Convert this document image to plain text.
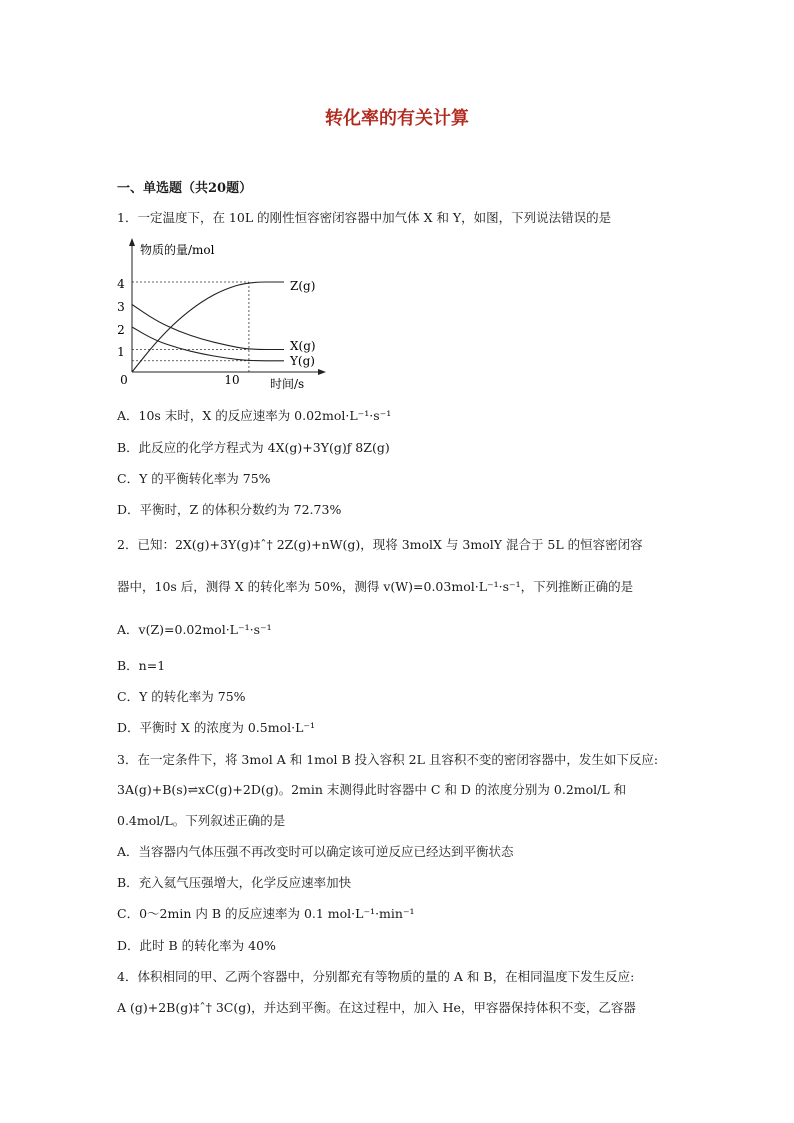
转化率的有关计算
一、单选题（共20题）
1．一定温度下，在 10L 的刚性恒容密闭容器中加气体 X 和 Y，如图，下列说法错误的是
物质的量/mol
时间/s
4
3
2
1
0	10
Z(g)
X(g)
Y(g)
A．10s 末时，X 的反应速率为 0.02mol·L⁻¹·s⁻¹
B．此反应的化学方程式为 4X(g)+3Y(g)ƒ 8Z(g)
C．Y 的平衡转化率为 75%
D．平衡时，Z 的体积分数约为 72.73%
2．已知：2X(g)+3Y(g)‡ˆ† 2Z(g)+nW(g)，现将 3molX 与 3molY 混合于 5L 的恒容密闭容
器中，10s 后，测得 X 的转化率为 50%，测得 v(W)=0.03mol·L⁻¹·s⁻¹，下列推断正确的是
A．v(Z)=0.02mol·L⁻¹·s⁻¹
B．n=1
C．Y 的转化率为 75%
D．平衡时 X 的浓度为 0.5mol·L⁻¹
3．在一定条件下，将 3mol A 和 1mol B 投入容积 2L 且容积不变的密闭容器中，发生如下反应:
3A(g)+B(s)⇌xC(g)+2D(g)。2min 末测得此时容器中 C 和 D 的浓度分别为 0.2mol/L 和
0.4mol/L。下列叙述正确的是
A．当容器内气体压强不再改变时可以确定该可逆反应已经达到平衡状态
B．充入氦气压强增大，化学反应速率加快
C．0～2min 内 B 的反应速率为 0.1 mol·L⁻¹·min⁻¹
D．此时 B 的转化率为 40%
4．体积相同的甲、乙两个容器中，分别都充有等物质的量的 A 和 B，在相同温度下发生反应:
A (g)+2B(g)‡ˆ† 3C(g)，并达到平衡。在这过程中，加入 He，甲容器保持体积不变，乙容器
